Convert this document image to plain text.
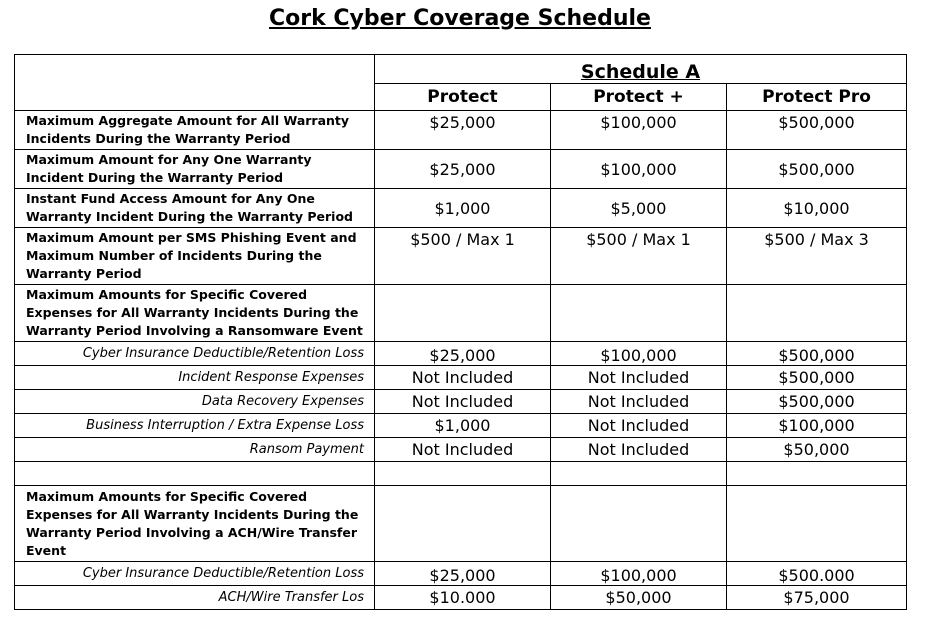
Cork Cyber Coverage Schedule
	Schedule A		
	Protect	Protect +	Protect Pro
Maximum Aggregate Amount for All Warranty Incidents During the Warranty Period	$25,000	$100,000	$500,000
Maximum Amount for Any One Warranty Incident During the Warranty Period	$25,000	$100,000	$500,000
Instant Fund Access Amount for Any One Warranty Incident During the Warranty Period	$1,000	$5,000	$10,000
Maximum Amount per SMS Phishing Event and Maximum Number of Incidents During the Warranty Period	$500 / Max 1	$500 / Max 1	$500 / Max 3
Maximum Amounts for Specific Covered Expenses for All Warranty Incidents During the Warranty Period Involving a Ransomware Event			
Cyber Insurance Deductible/Retention Loss	$25,000	$100,000	$500,000
Incident Response Expenses	Not Included	Not Included	$500,000
Data Recovery Expenses	Not Included	Not Included	$500,000
Business Interruption / Extra Expense Loss	$1,000	Not Included	$100,000
Ransom Payment	Not Included	Not Included	$50,000

Maximum Amounts for Specific Covered Expenses for All Warranty Incidents During the Warranty Period Involving a ACH/Wire Transfer Event			
Cyber Insurance Deductible/Retention Loss	$25,000	$100,000	$500.000
ACH/Wire Transfer Los	$10.000	$50,000	$75,000
